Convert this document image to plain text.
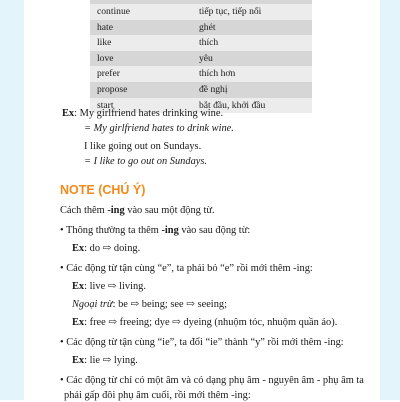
continue	tiếp tục, tiếp nối
hate	ghét
like	thích
love	yêu
prefer	thích hơn
propose	đề nghị
start	bắt đầu, khởi đầu
Ex: My girlfriend hates drinking wine.
= My girlfriend hates to drink wine.
I like going out on Sundays.
= I like to go out on Sundays.
NOTE (CHÚ Ý)
Cách thêm -ing vào sau một động từ.
• Thông thường ta thêm -ing vào sau động từ:
Ex: do ⇨ doing.
• Các động từ tận cùng “e”, ta phải bỏ “e” rồi mới thêm -ing:
Ex: live ⇨ living.
Ngoại trừ: be ⇨ being; see ⇨ seeing;
Ex: free ⇨ freeing; dye ⇨ dyeing (nhuộm tóc, nhuộm quần áo).
• Các động từ tận cùng “ie”, ta đổi “ie” thành “y” rồi mới thêm -ing:
Ex: lie ⇨ lying.
• Các động từ chỉ có một âm và có dạng phụ âm - nguyên âm - phụ âm ta
phải gấp đôi phụ âm cuối, rồi mới thêm -ing:
